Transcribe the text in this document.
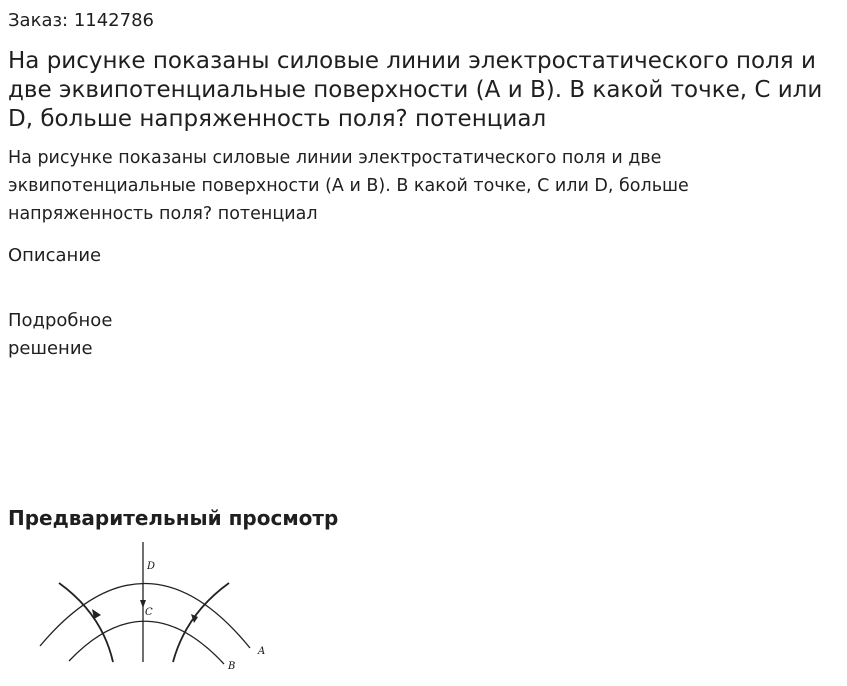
Заказ: 1142786
На рисунке показаны силовые линии электростатического поля и две эквипотенциальные поверхности (А и В). В какой точке, С или D, больше напряженность поля? потенциал

На рисунке показаны силовые линии электростатического поля и две эквипотенциальные поверхности (А и В). В какой точке, С или D, больше напряженность поля? потенциал

Описание
Подробное решение
Предварительный просмотр
D
C
A
B
